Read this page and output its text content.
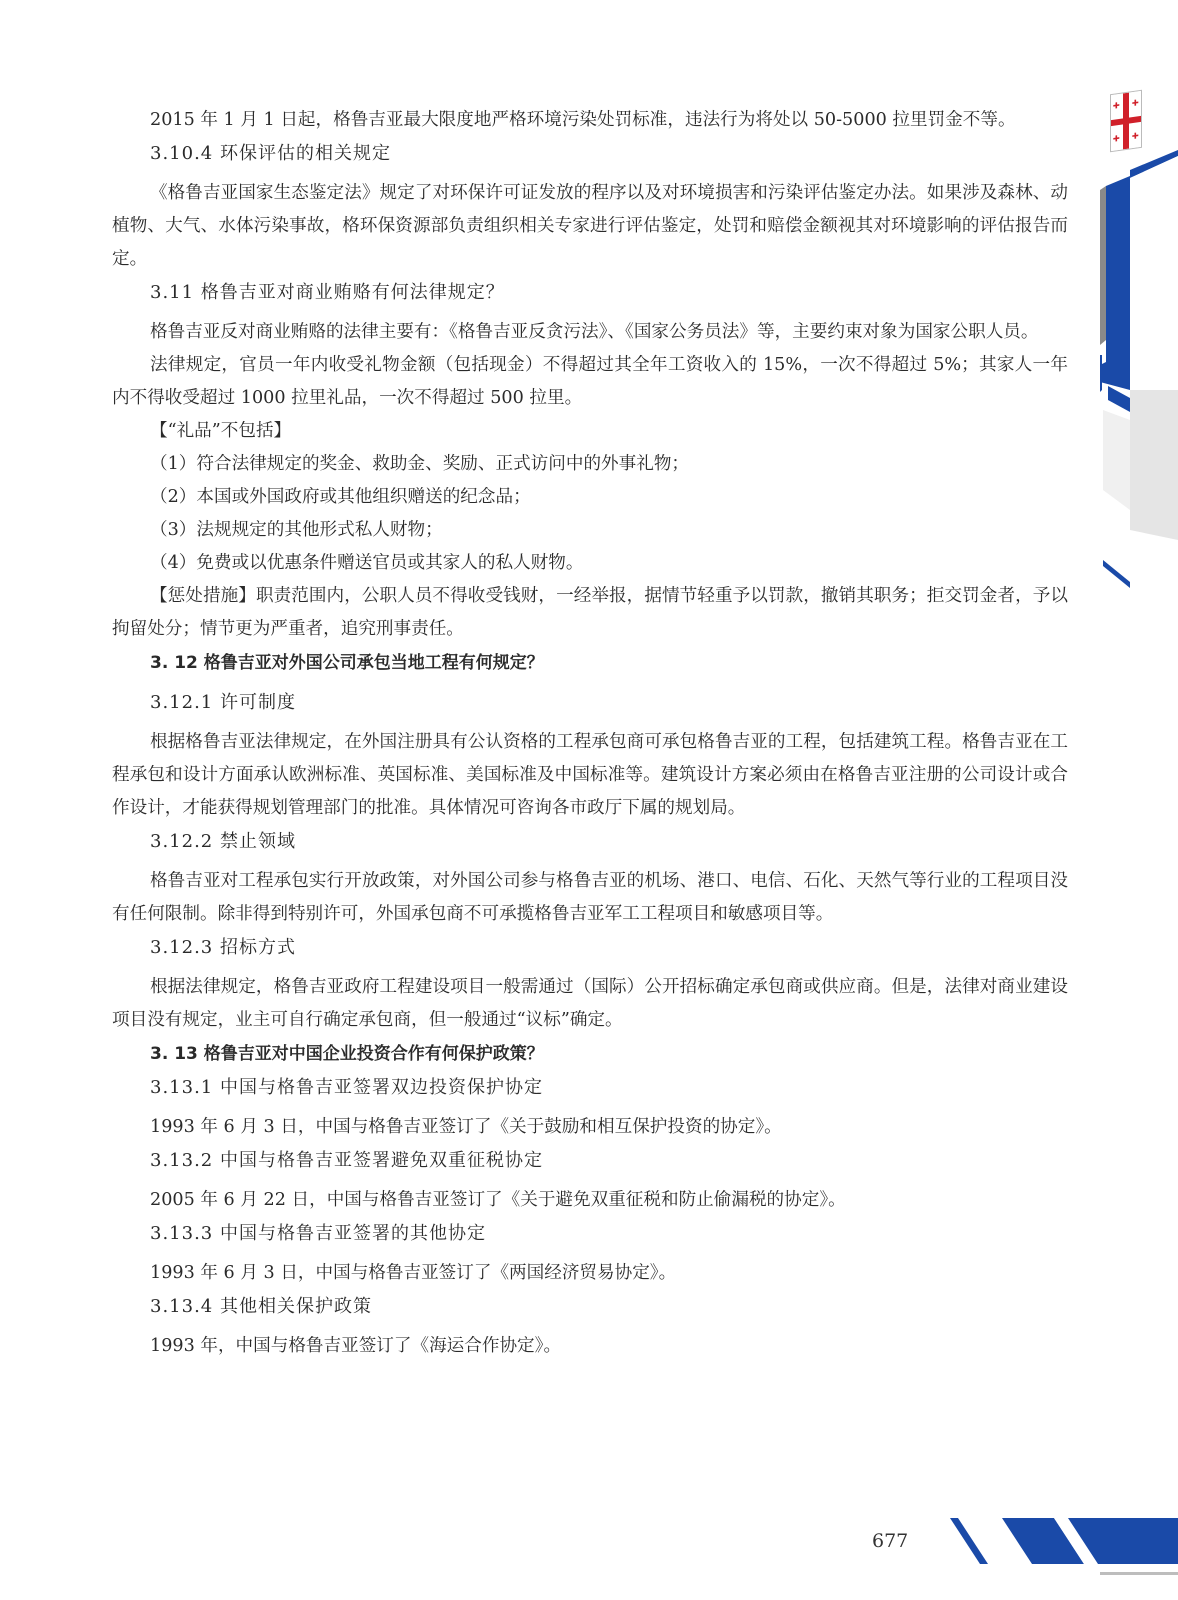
2015 年 1 月 1 日起，格鲁吉亚最大限度地严格环境污染处罚标准，违法行为将处以 50-5000 拉里罚金不等。

3.10.4 环保评估的相关规定

《格鲁吉亚国家生态鉴定法》规定了对环保许可证发放的程序以及对环境损害和污染评估鉴定办法。如果涉及森林、动植物、大气、水体污染事故，格环保资源部负责组织相关专家进行评估鉴定，处罚和赔偿金额视其对环境影响的评估报告而定。

3.11 格鲁吉亚对商业贿赂有何法律规定？

格鲁吉亚反对商业贿赂的法律主要有：《格鲁吉亚反贪污法》、《国家公务员法》等，主要约束对象为国家公职人员。

法律规定，官员一年内收受礼物金额（包括现金）不得超过其全年工资收入的 15%，一次不得超过 5%；其家人一年内不得收受超过 1000 拉里礼品，一次不得超过 500 拉里。

【“礼品”不包括】

（1）符合法律规定的奖金、救助金、奖励、正式访问中的外事礼物；

（2）本国或外国政府或其他组织赠送的纪念品；

（3）法规规定的其他形式私人财物；

（4）免费或以优惠条件赠送官员或其家人的私人财物。

【惩处措施】职责范围内，公职人员不得收受钱财，一经举报，据情节轻重予以罚款，撤销其职务；拒交罚金者，予以拘留处分；情节更为严重者，追究刑事责任。

3. 12 格鲁吉亚对外国公司承包当地工程有何规定？

3.12.1 许可制度

根据格鲁吉亚法律规定，在外国注册具有公认资格的工程承包商可承包格鲁吉亚的工程，包括建筑工程。格鲁吉亚在工程承包和设计方面承认欧洲标准、英国标准、美国标准及中国标准等。建筑设计方案必须由在格鲁吉亚注册的公司设计或合作设计，才能获得规划管理部门的批准。具体情况可咨询各市政厅下属的规划局。

3.12.2 禁止领域

格鲁吉亚对工程承包实行开放政策，对外国公司参与格鲁吉亚的机场、港口、电信、石化、天然气等行业的工程项目没有任何限制。除非得到特别许可，外国承包商不可承揽格鲁吉亚军工工程项目和敏感项目等。

3.12.3 招标方式

根据法律规定，格鲁吉亚政府工程建设项目一般需通过（国际）公开招标确定承包商或供应商。但是，法律对商业建设项目没有规定，业主可自行确定承包商，但一般通过“议标”确定。

3. 13 格鲁吉亚对中国企业投资合作有何保护政策？

3.13.1 中国与格鲁吉亚签署双边投资保护协定

1993 年 6 月 3 日，中国与格鲁吉亚签订了《关于鼓励和相互保护投资的协定》。

3.13.2 中国与格鲁吉亚签署避免双重征税协定

2005 年 6 月 22 日，中国与格鲁吉亚签订了《关于避免双重征税和防止偷漏税的协定》。

3.13.3 中国与格鲁吉亚签署的其他协定

1993 年 6 月 3 日，中国与格鲁吉亚签订了《两国经济贸易协定》。

3.13.4 其他相关保护政策

1993 年，中国与格鲁吉亚签订了《海运合作协定》。

677
